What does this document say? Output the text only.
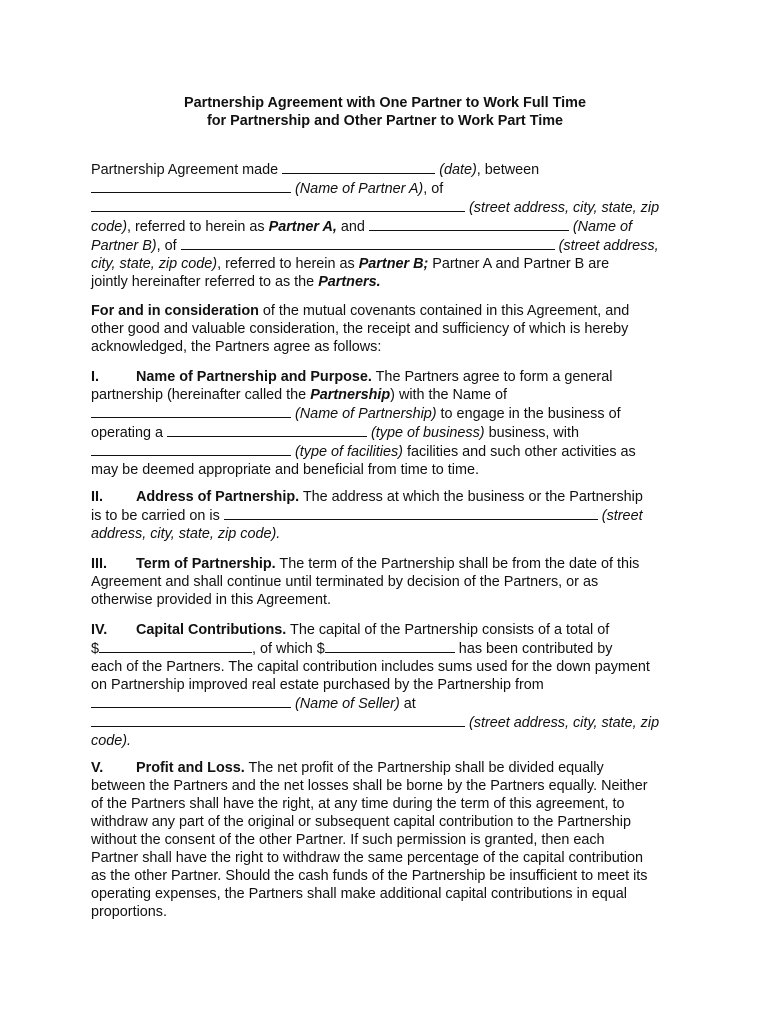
Partnership Agreement with One Partner to Work Full Time
for Partnership and Other Partner to Work Part Time
Partnership Agreement made	(date), between
(Name of Partner A), of
(street address, city, state, zip
code), referred to herein as Partner A, and	(Name of
Partner B), of	(street address,
city, state, zip code), referred to herein as Partner B; Partner A and Partner B are
jointly hereinafter referred to as the Partners.
For and in consideration of the mutual covenants contained in this Agreement, and
other good and valuable consideration, the receipt and sufficiency of which is hereby
acknowledged, the Partners agree as follows:
I.	Name of Partnership and Purpose. The Partners agree to form a general
partnership (hereinafter called the Partnership) with the Name of
(Name of Partnership) to engage in the business of
operating a	(type of business) business, with
(type of facilities) facilities and such other activities as
may be deemed appropriate and beneficial from time to time.
II. Address of Partnership. The address at which the business or the Partnership
is to be carried on is	(street
address, city, state, zip code).
III. Term of Partnership. The term of the Partnership shall be from the date of this
Agreement and shall continue until terminated by decision of the Partners, or as
otherwise provided in this Agreement.
IV. Capital Contributions. The capital of the Partnership consists of a total of
$	, of which $	has been contributed by
each of the Partners. The capital contribution includes sums used for the down payment
on Partnership improved real estate purchased by the Partnership from
(Name of Seller) at
(street address, city, state, zip
code).
V. Profit and Loss. The net profit of the Partnership shall be divided equally
between the Partners and the net losses shall be borne by the Partners equally. Neither
of the Partners shall have the right, at any time during the term of this agreement, to
withdraw any part of the original or subsequent capital contribution to the Partnership
without the consent of the other Partner. If such permission is granted, then each
Partner shall have the right to withdraw the same percentage of the capital contribution
as the other Partner. Should the cash funds of the Partnership be insufficient to meet its
operating expenses, the Partners shall make additional capital contributions in equal
proportions.
